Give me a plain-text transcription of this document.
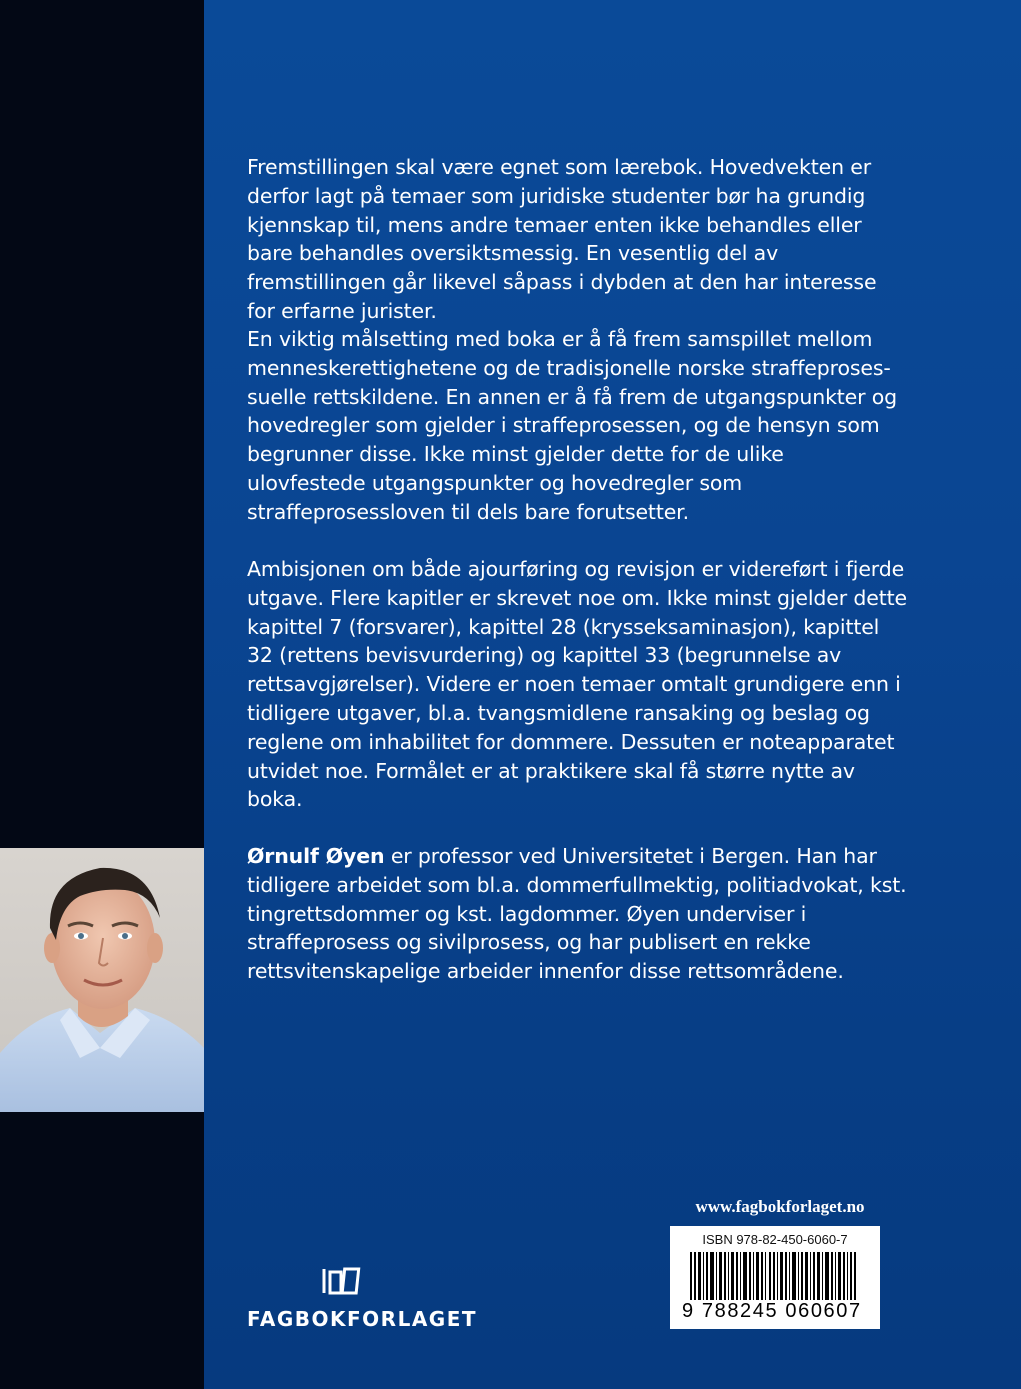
Fremstillingen skal være egnet som lærebok. Hovedvekten er derfor lagt på temaer som juridiske studenter bør ha grundig kjennskap til, mens andre temaer enten ikke behandles eller bare behandles oversiktsmessig. En vesentlig del av fremstillingen går likevel såpass i dybden at den har interesse for erfarne jurister.

En viktig målsetting med boka er å få frem samspillet mellom menneskerettighetene og de tradisjonelle norske straffeprosessuelle rettskildene. En annen er å få frem de utgangspunkter og hovedregler som gjelder i straffeprosessen, og de hensyn som begrunner disse. Ikke minst gjelder dette for de ulike ulovfestede utgangspunkter og hovedregler som straffeprosessloven til dels bare forutsetter.

Ambisjonen om både ajourføring og revisjon er videreført i fjerde utgave. Flere kapitler er skrevet noe om. Ikke minst gjelder dette kapittel 7 (forsvarer), kapittel 28 (krysseksaminasjon), kapittel 32 (rettens bevisvurdering) og kapittel 33 (begrunnelse av rettsavgjørelser). Videre er noen temaer omtalt grundigere enn i tidligere utgaver, bl.a. tvangsmidlene ransaking og beslag og reglene om inhabilitet for dommere. Dessuten er noteapparatet utvidet noe. Formålet er at praktikere skal få større nytte av boka.

Ørnulf Øyen er professor ved Universitetet i Bergen. Han har tidligere arbeidet som bl.a. dommerfullmektig, politiadvokat, kst. tingrettsdommer og kst. lagdommer. Øyen underviser i straffeprosess og sivilprosess, og har publisert en rekke rettsvitenskapelige arbeider innenfor disse rettsområdene.

www.fagbokforlaget.no
ISBN 978-82-450-6060-7
9 788245 060607
FAGBOKFORLAGET
